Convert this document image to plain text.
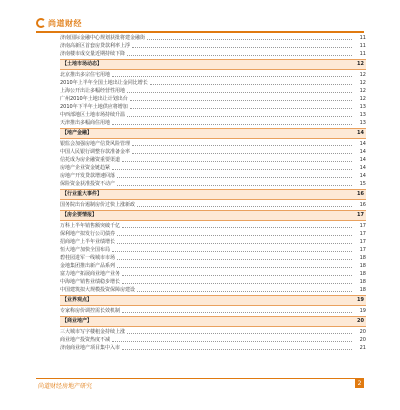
尚道财经
济南国际金融中心规划获批将建金融街	11
济南高新区首套房贷款利率上浮	11
济南楼市成交量近期持续下降	11
【土地市场动态】	12
北京推出多宗住宅用地	12
2010年上半年全国土地出让金同比增长	12
上海公开出让多幅经营性用地	12
广州2010年土地出让计划出台	12
2010年下半年土地供应将增加	13
中西部地区土地市场持续升温	13
天津推出多幅商住用地	13
【地产金融】	14
银监会加强房地产信贷风险管理	14
中国人民银行调整存款准备金率	14
信托成为房企融资重要渠道	14
房地产企业资金链趋紧	14
房地产开发贷款增速回落	14
保险资金获准投资不动产	15
【行业重大事件】	16
国务院出台遏制房价过快上涨新政	16
【房企要情报】	17
万科上半年销售额突破千亿	17
保利地产拟发行公司债券	17
招商地产上半年业绩增长	17
恒大地产加快全国布局	17
碧桂园进军一线城市市场	18
金地集团推出新产品系列	18
富力地产拓展商业地产业务	18
中海地产销售业绩稳步增长	18
中国建筑拟大规模投资保障房建设	18
【业界观点】	19
专家称房价调控需长效机制	19
【商业地产】	20
三大城市写字楼租金持续上涨	20
商业地产投资热度不减	20
济南商业地产项目集中入市	21
尚道财经房地产研究	2
